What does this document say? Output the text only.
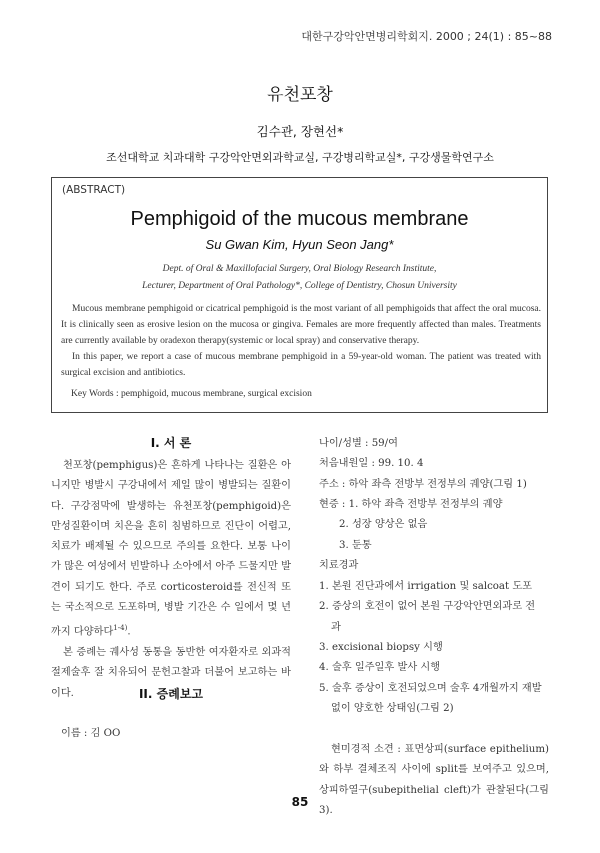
대한구강악안면병리학회지. 2000 ; 24(1) : 85~88
유천포창
김수관, 장현선*
조선대학교 치과대학 구강악안면외과학교실, 구강병리학교실*, 구강생물학연구소
(ABSTRACT)
Pemphigoid of the mucous membrane
Su Gwan Kim, Hyun Seon Jang*
Dept. of Oral & Maxillofacial Surgery, Oral Biology Research Institute,
Lecturer, Department of Oral Pathology*, College of Dentistry, Chosun University

Mucous membrane pemphigoid or cicatrical pemphigoid is the most variant of all pemphigoids that affect the oral mucosa. It is clinically seen as erosive lesion on the mucosa or gingiva. Females are more frequently affected than males. Treatments are currently available by oradexon therapy(systemic or local spray) and conservative therapy.

In this paper, we report a case of mucous membrane pemphigoid in a 59-year-old woman. The patient was treated with surgical excision and antibiotics.

Key Words : pemphigoid, mucous membrane, surgical excision
I. 서 론

천포창(pemphigus)은 흔하게 나타나는 질환은 아니지만 병발시 구강내에서 제일 많이 병발되는 질환이다. 구강점막에 발생하는 유천포창(pemphigoid)은 만성질환이며 치은을 흔히 침범하므로 진단이 어렵고, 치료가 배제될 수 있으므로 주의를 요한다. 보통 나이가 많은 여성에서 빈발하나 소아에서 아주 드물지만 발견이 되기도 한다. 주로 corticosteroid를 전신적 또는 국소적으로 도포하며, 병발 기간은 수 일에서 몇 년까지 다양하다$^{1-4)}$.

본 증례는 궤사성 동통을 동반한 여자환자로 외과적 절제술후 잘 치유되어 문헌고찰과 더불어 보고하는 바이다.	II. 증례보고
이름 : 김 OO
나이/성별 : 59/여
처음내원일 : 99. 10. 4
주소 : 하악 좌측 전방부 전정부의 궤양(그림 1)
현증 : 1. 하악 좌측 전방부 전정부의 궤양
2. 성장 양상은 없음
3. 둔통
치료경과
1. 본원 진단과에서 irrigation 및 salcoat 도포
2. 증상의 호전이 없어 본원 구강악안면외과로 전
과
3. excisional biopsy 시행
4. 술후 일주일후 발사 시행
5. 술후 증상이 호전되었으며 술후 4개월까지 재발
없이 양호한 상태임(그림 2)

현미경적 소견 : 표면상피(surface epithelium)와 하부 결체조직 사이에 split를 보여주고 있으며, 상피하열구(subepithelial cleft)가 관찰된다(그림 3).

85
